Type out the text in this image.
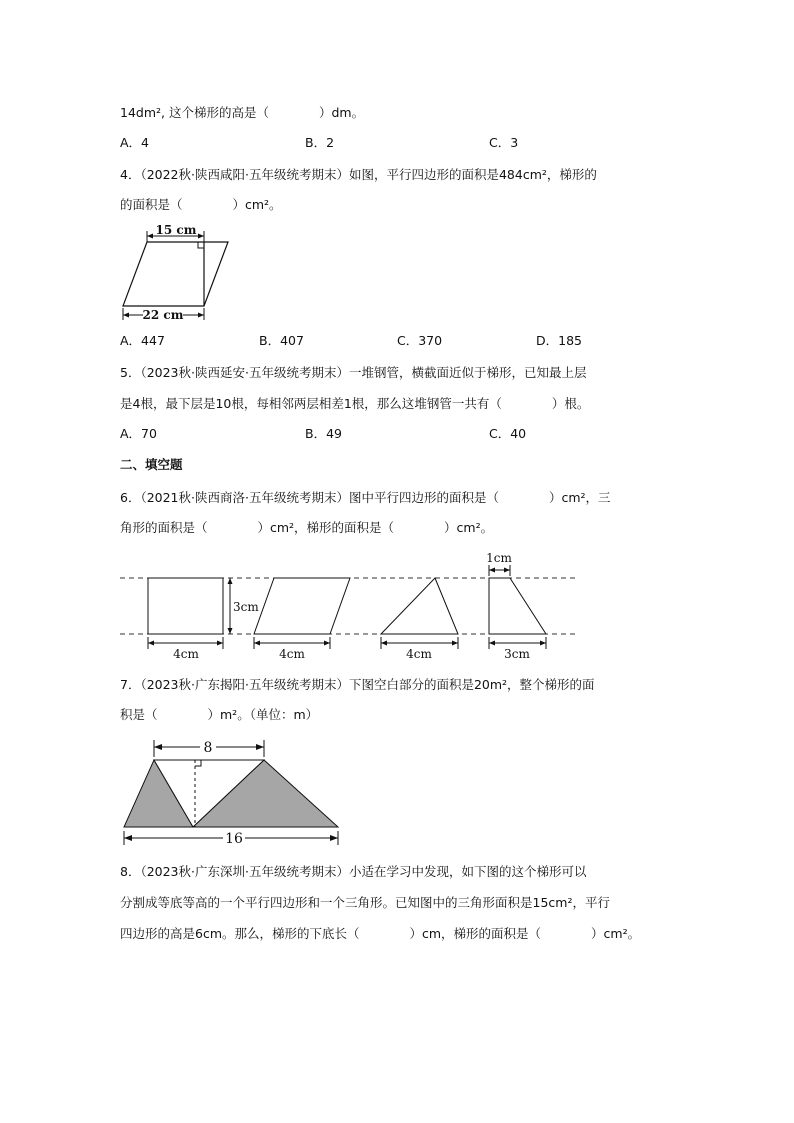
14dm², 这个梯形的高是（　　　　）dm。
A．4	B．2	C．3
4．（2022秋·陕西咸阳·五年级统考期末）如图，平行四边形的面积是484cm²，梯形的
的面积是（　　　　）cm²。
15 cm
22 cm
A．447	B．407	C．370	D．185
5．（2023秋·陕西延安·五年级统考期末）一堆钢管，横截面近似于梯形，已知最上层
是4根，最下层是10根，每相邻两层相差1根，那么这堆钢管一共有（　　　　）根。
A．70	B．49	C．40
二、填空题
6．（2021秋·陕西商洛·五年级统考期末）图中平行四边形的面积是（　　　　）cm²，三
角形的面积是（　　　　）cm²，梯形的面积是（　　　　）cm²。
3cm
4cm	4cm	4cm
1cm
3cm
7．（2023秋·广东揭阳·五年级统考期末）下图空白部分的面积是20m²，整个梯形的面
积是（　　　　）m²。（单位：m）
8
16
8．（2023秋·广东深圳·五年级统考期末）小适在学习中发现，如下图的这个梯形可以
分割成等底等高的一个平行四边形和一个三角形。已知图中的三角形面积是15cm²，平行
四边形的高是6cm。那么，梯形的下底长（　　　　）cm，梯形的面积是（　　　　）cm²。
